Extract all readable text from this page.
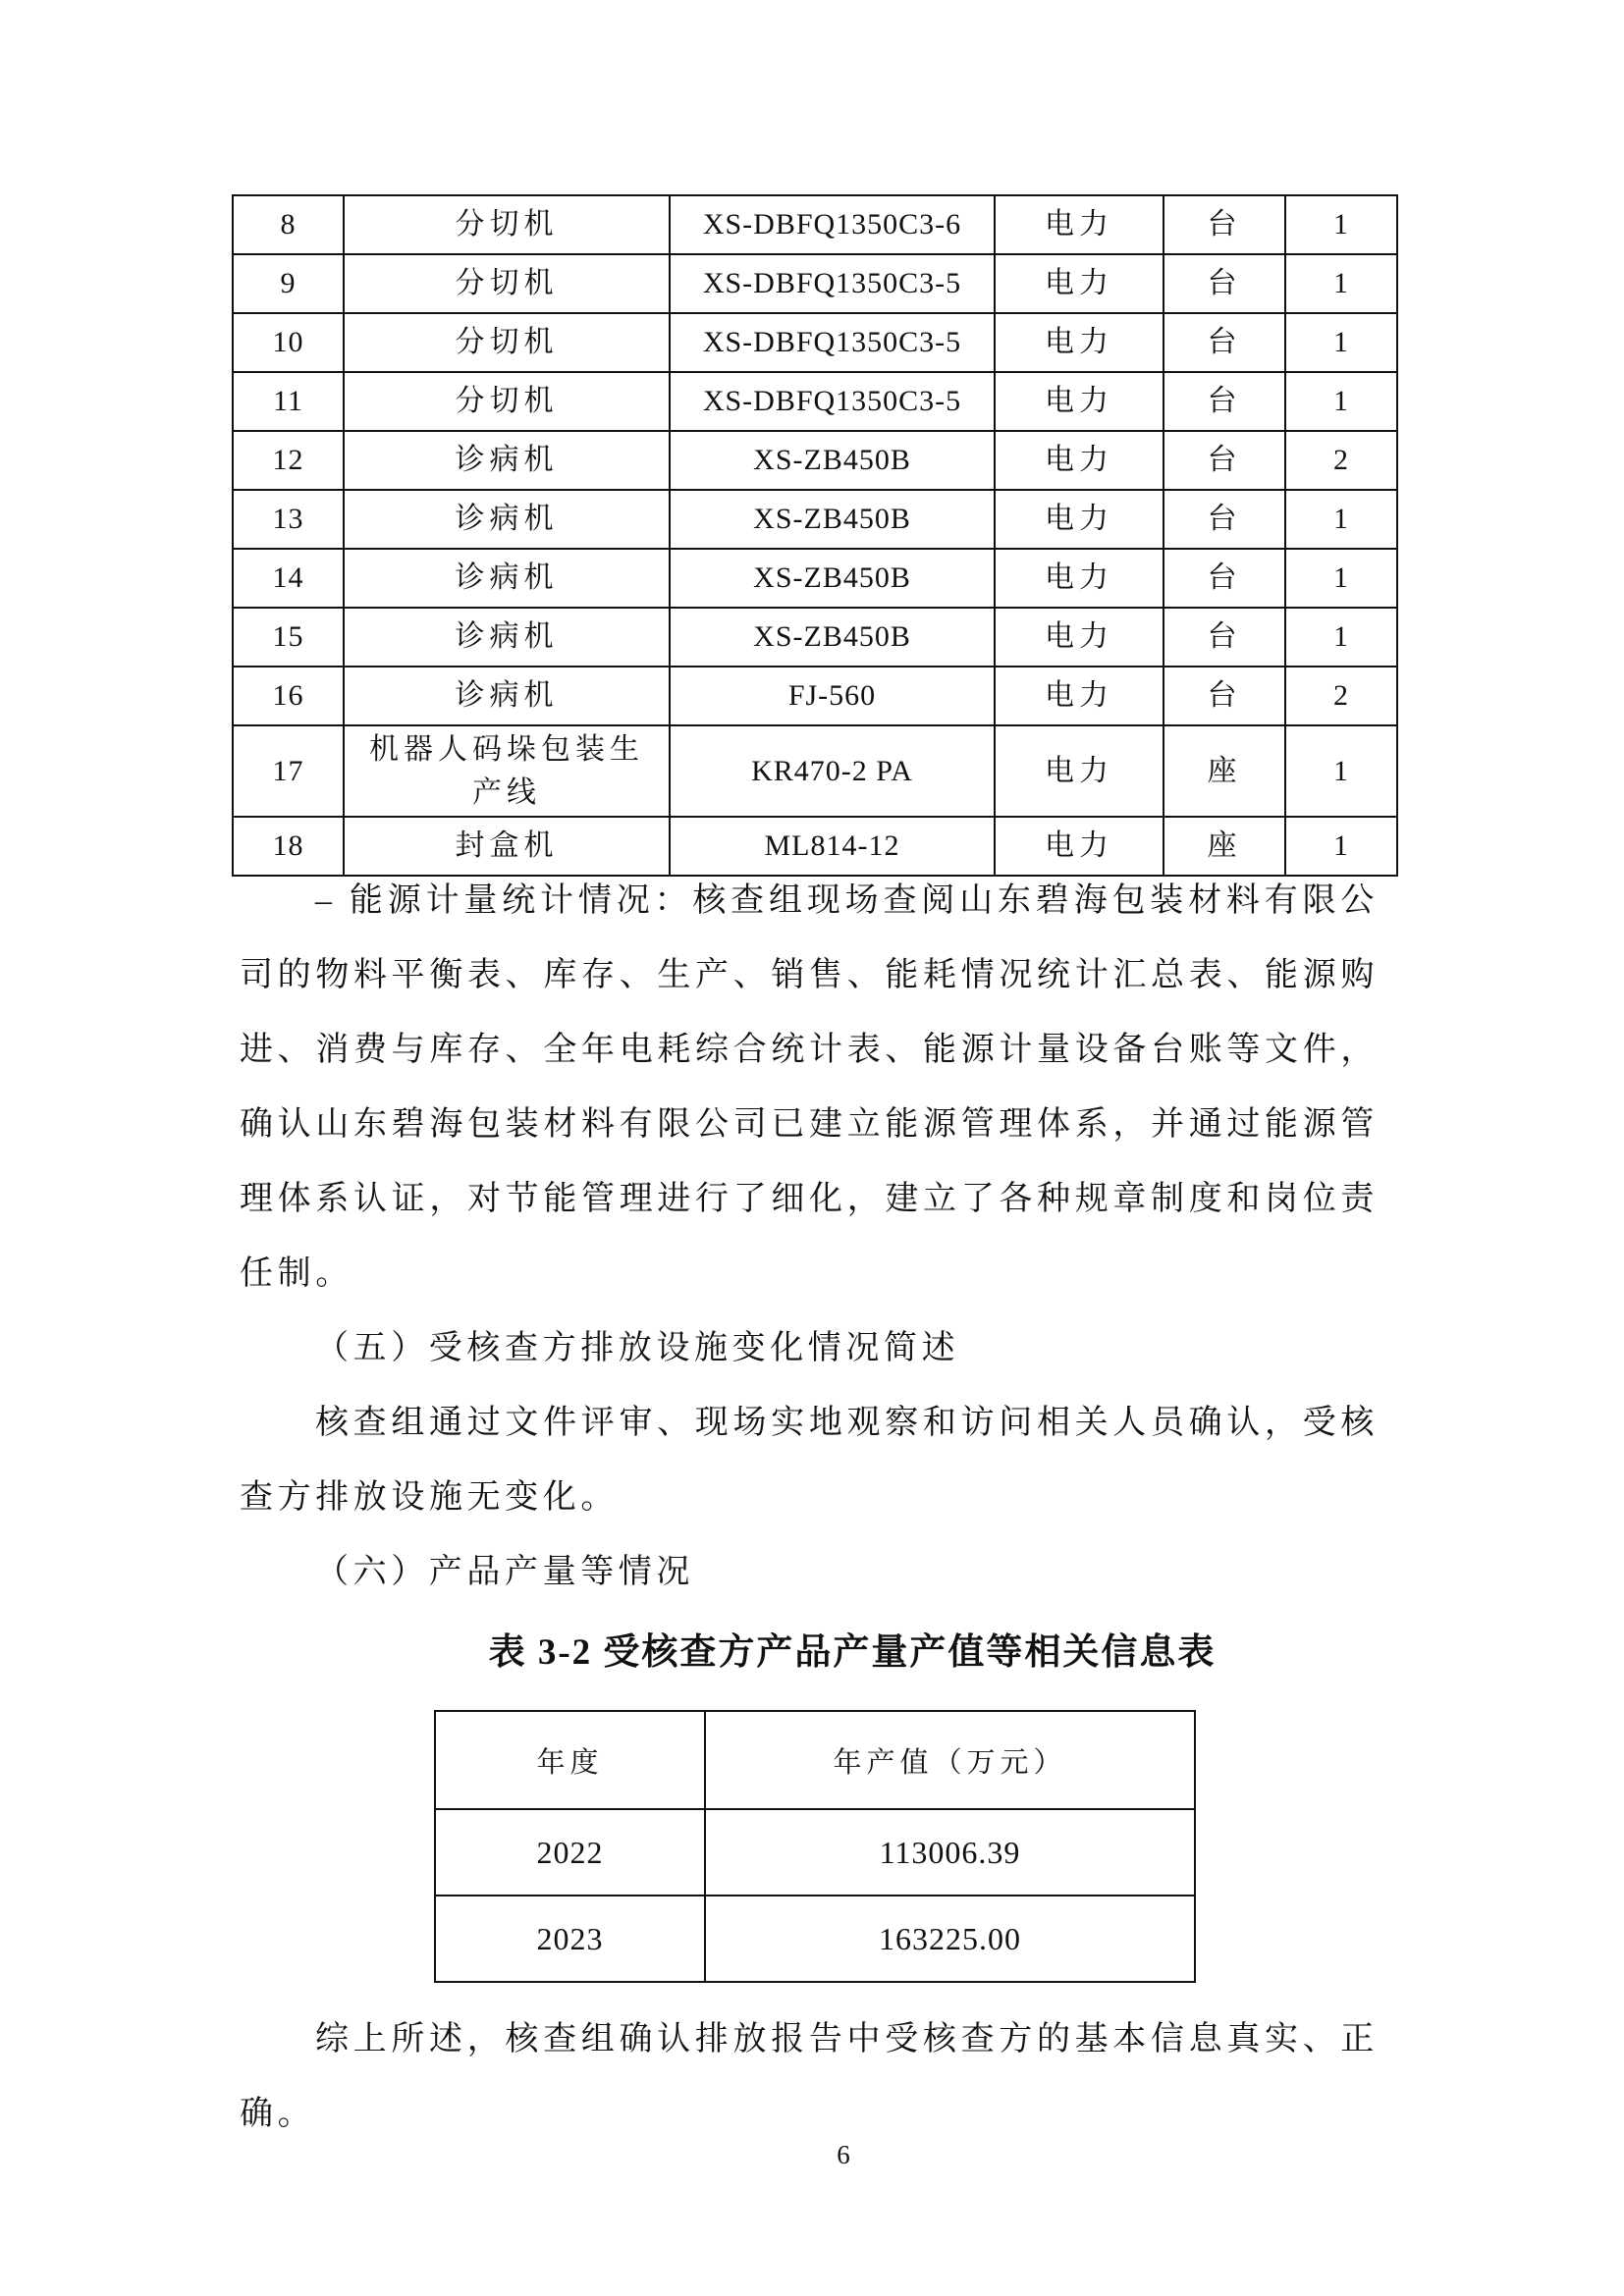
8	分切机	XS-DBFQ1350C3-6	电力	台	1
9	分切机	XS-DBFQ1350C3-5	电力	台	1
10	分切机	XS-DBFQ1350C3-5	电力	台	1
11	分切机	XS-DBFQ1350C3-5	电力	台	1
12	诊病机	XS-ZB450B	电力	台	2
13	诊病机	XS-ZB450B	电力	台	1
14	诊病机	XS-ZB450B	电力	台	1
15	诊病机	XS-ZB450B	电力	台	1
16	诊病机	FJ-560	电力	台	2
17	机器人码垛包装生产线	KR470-2 PA	电力	座	1
18	封盒机	ML814-12	电力	座	1

– 能源计量统计情况：核查组现场查阅山东碧海包装材料有限公司的物料平衡表、库存、生产、销售、能耗情况统计汇总表、能源购进、消费与库存、全年电耗综合统计表、能源计量设备台账等文件，确认山东碧海包装材料有限公司已建立能源管理体系，并通过能源管理体系认证，对节能管理进行了细化，建立了各种规章制度和岗位责任制。

（五）受核查方排放设施变化情况简述

核查组通过文件评审、现场实地观察和访问相关人员确认，受核查方排放设施无变化。

（六）产品产量等情况

表 3-2 受核查方产品产量产值等相关信息表
年度	年产值（万元）
2022	113006.39
2023	163225.00

综上所述，核查组确认排放报告中受核查方的基本信息真实、正确。

6
